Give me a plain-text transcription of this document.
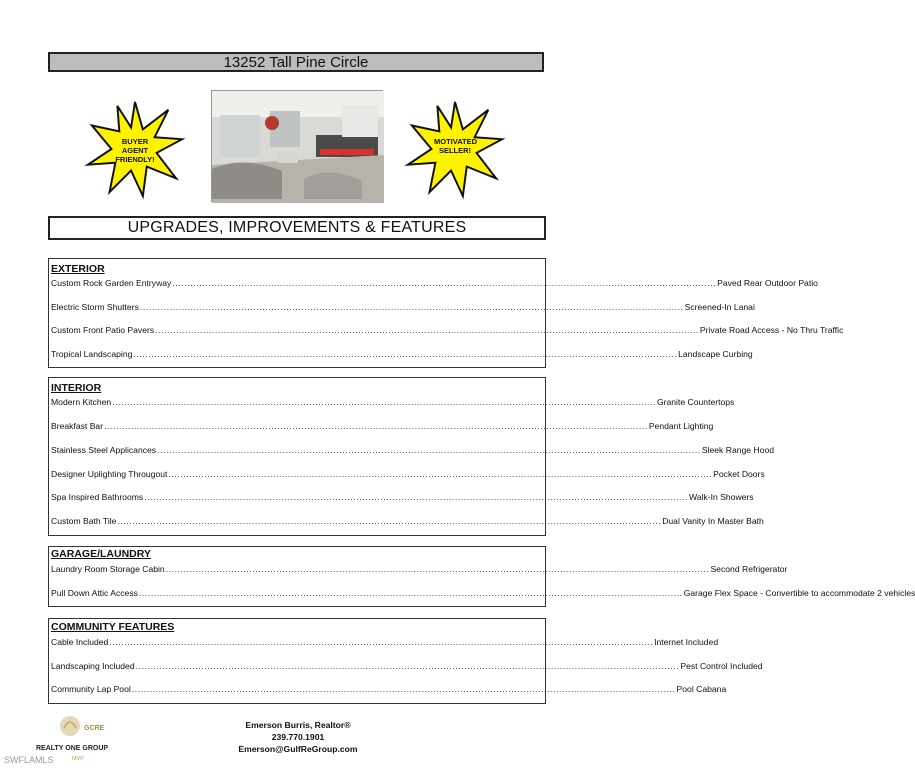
13252 Tall Pine Circle
BUYER AGENT FRIENDLY!
MOTIVATED SELLER!
UPGRADES, IMPROVEMENTS & FEATURES
EXTERIOR
Custom Rock Garden Entryway ...................................................................................................................................................................................... Paved Rear Outdoor Patio
Electric Storm Shutters ...................................................................................................................................................................................... Screened-In Lanai
Custom Front Patio Pavers ...................................................................................................................................................................................... Private Road Access - No Thru Traffic
Tropical Landscaping ...................................................................................................................................................................................... Landscape Curbing
INTERIOR
Modern Kitchen ...................................................................................................................................................................................... Granite Countertops
Breakfast Bar ...................................................................................................................................................................................... Pendant Lighting
Stainless Steel Applicances ...................................................................................................................................................................................... Sleek Range Hood
Designer Uplighting Througout ...................................................................................................................................................................................... Pocket Doors
Spa Inspired Bathrooms ...................................................................................................................................................................................... Walk-In Showers
Custom Bath Tile ...................................................................................................................................................................................... Dual Vanity In Master Bath
GARAGE/LAUNDRY
Laundry Room Storage Cabin ...................................................................................................................................................................................... Second Refrigerator
Pull Down Attic Access ...................................................................................................................................................................................... Garage Flex Space - Convertible to accommodate 2 vehicles
COMMUNITY FEATURES
Cable Included ...................................................................................................................................................................................... Internet Included
Landscaping Included ...................................................................................................................................................................................... Pest Control Included
Community Lap Pool ...................................................................................................................................................................................... Pool Cabana
GCRE
REALTY ONE GROUP
MVP
Emerson Burris, Realtor®
239.770.1901
Emerson@GulfReGroup.com
SWFLAMLS
